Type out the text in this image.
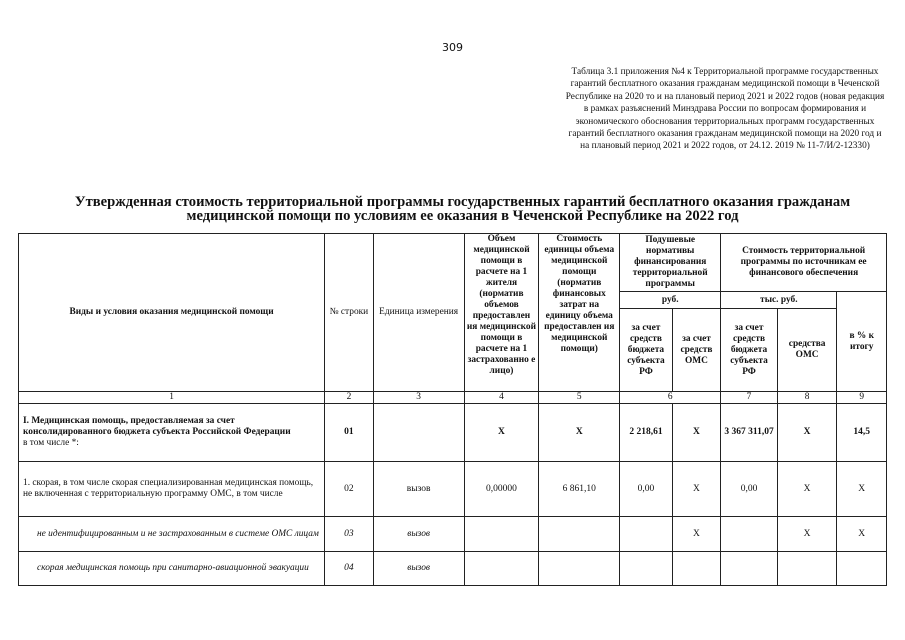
309
Таблица 3.1 приложения №4 к Территориальной программе государственных гарантий бесплатного оказания гражданам медицинской помощи в Чеченской Республике на 2020 то и на плановый период 2021 и 2022 годов (новая редакция в рамках разъяснений Минздрава России по вопросам формирования и экономического обоснования территориальных программ государственных гарантий бесплатного оказания гражданам медицинской помощи на 2020 год и на плановый период 2021 и 2022 годов, от 24.12. 2019 № 11-7/И/2-12330)
Утвержденная стоимость территориальной программы государственных гарантий бесплатного оказания гражданам медицинской помощи по условиям ее оказания в Чеченской Республике на 2022 год
Виды и условия оказания медицинской помощи	№ строки	Единица измерения	Объем медицинской помощи в расчете на 1 жителя (норматив объемов предоставлен ия медицинской помощи в расчете на 1 застрахованно е лицо)	Стоимость единицы объема медицинской помощи (норматив финансовых затрат на единицу объема предоставлен ия медицинской помощи)	Подушевые нормативы финансирования территориальной программы		Стоимость территориальной программы по источникам ее финансового обеспечения		
					руб.		тыс. руб.		в % к итогу
					за счет средств бюджета субъекта РФ	за счет средств ОМС	за счет средств бюджета субъекта РФ	средства ОМС	
1	2	3	4	5	6		7	8	9
I. Медицинская помощь, предоставляемая за счет консолидированного бюджета субъекта Российской Федерации
в том числе *:	01		Х	Х	2 218,61	Х	3 367 311,07	Х	14,5
1. скорая, в том числе скорая специализированная медицинская помощь, не включенная с территориальную программу ОМС, в том числе	02	вызов	0,00000	6 861,10	0,00	Х	0,00	Х	Х
не идентифицированным и не застрахованным в системе ОМС лицам	03	вызов				Х		Х	Х
скорая медицинская помощь при санитарно-авиационной эвакуации	04	вызов							
